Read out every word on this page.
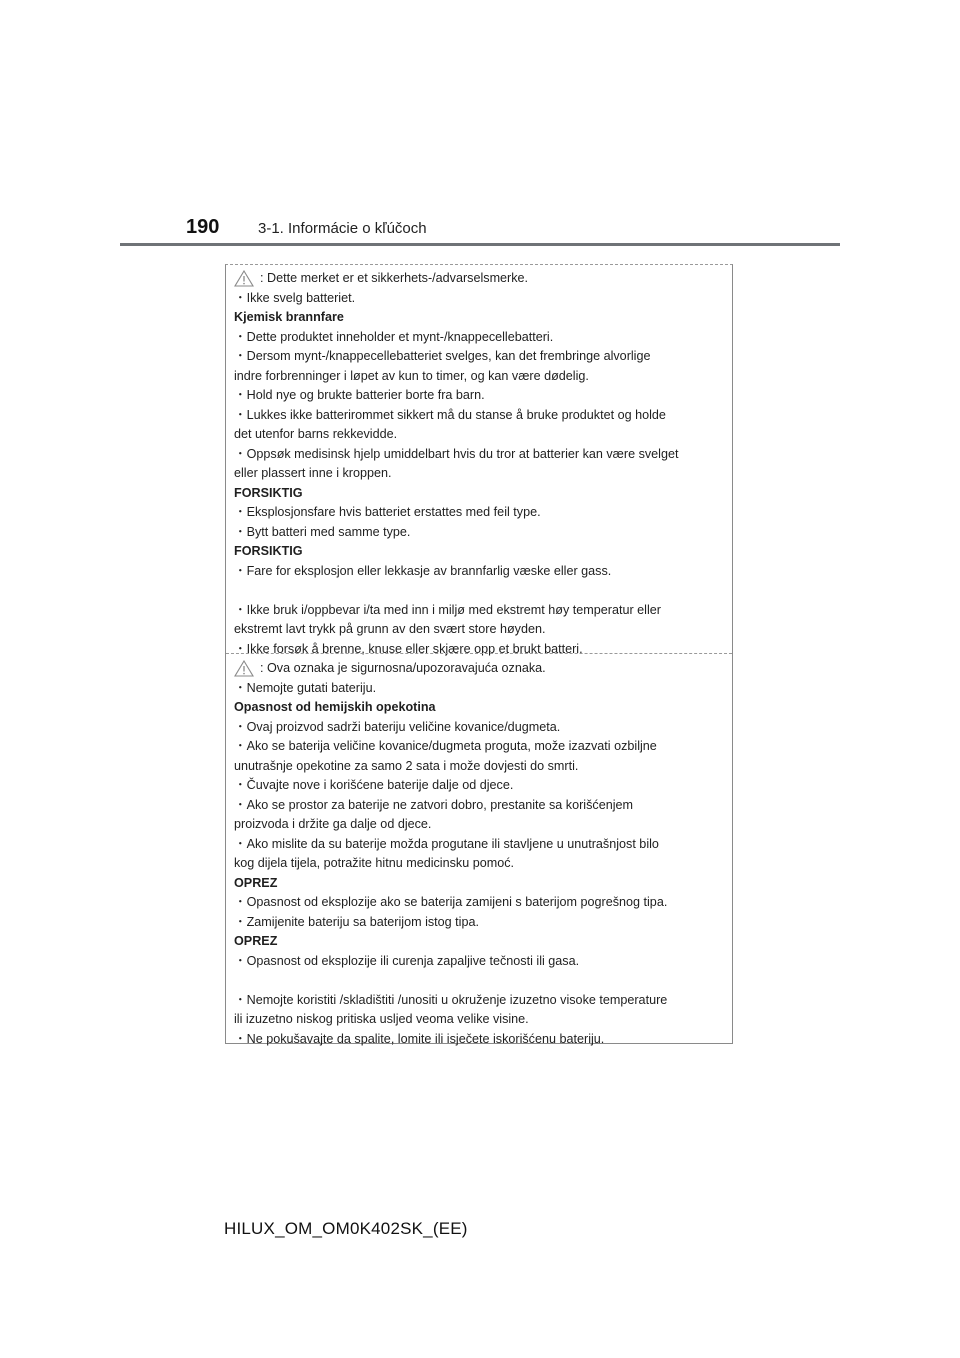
190	3-1. Informácie o kľúčoch
: Dette merket er et sikkerhets-/advarselsmerke.
・Ikke svelg batteriet.
Kjemisk brannfare
・Dette produktet inneholder et mynt-/knappecellebatteri.
・Dersom mynt-/knappecellebatteriet svelges, kan det frembringe alvorlige
indre forbrenninger i løpet av kun to timer, og kan være dødelig.
・Hold nye og brukte batterier borte fra barn.
・Lukkes ikke batterirommet sikkert må du stanse å bruke produktet og holde
det utenfor barns rekkevidde.
・Oppsøk medisinsk hjelp umiddelbart hvis du tror at batterier kan være svelget
eller plassert inne i kroppen.
FORSIKTIG
・Eksplosjonsfare hvis batteriet erstattes med feil type.
・Bytt batteri med samme type.
FORSIKTIG
・Fare for eksplosjon eller lekkasje av brannfarlig væske eller gass.
・Ikke bruk i/oppbevar i/ta med inn i miljø med ekstremt høy temperatur eller
ekstremt lavt trykk på grunn av den svært store høyden.
・Ikke forsøk å brenne, knuse eller skjære opp et brukt batteri.
: Ova oznaka je sigurnosna/upozoravajuća oznaka.
・Nemojte gutati bateriju.
Opasnost od hemijskih opekotina
・Ovaj proizvod sadrži bateriju veličine kovanice/dugmeta.
・Ako se baterija veličine kovanice/dugmeta proguta, može izazvati ozbiljne
unutrašnje opekotine za samo 2 sata i može dovjesti do smrti.
・Čuvajte nove i korišćene baterije dalje od djece.
・Ako se prostor za baterije ne zatvori dobro, prestanite sa korišćenjem
proizvoda i držite ga dalje od djece.
・Ako mislite da su baterije možda progutane ili stavljene u unutrašnjost bilo
kog dijela tijela, potražite hitnu medicinsku pomoć.
OPREZ
・Opasnost od eksplozije ako se baterija zamijeni s baterijom pogrešnog tipa.
・Zamijenite bateriju sa baterijom istog tipa.
OPREZ
・Opasnost od eksplozije ili curenja zapaljive tečnosti ili gasa.
・Nemojte koristiti /skladištiti /unositi u okruženje izuzetno visoke temperature
ili izuzetno niskog pritiska usljed veoma velike visine.
・Ne pokušavajte da spalite, lomite ili isječete iskorišćenu bateriju.
HILUX_OM_OM0K402SK_(EE)
